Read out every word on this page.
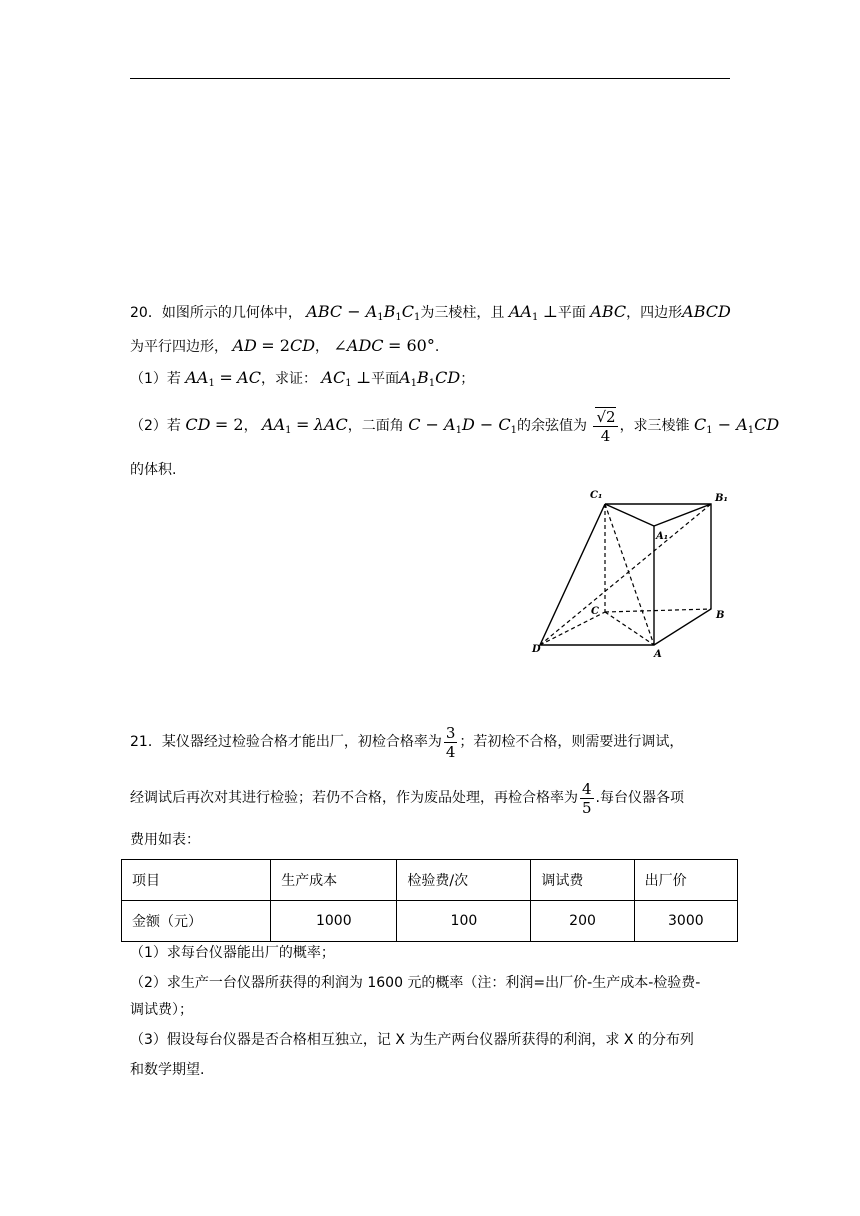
20．如图所示的几何体中， ABC − $A_1B_1C_1$为三棱柱，且 $AA_1$ ⊥平面 ABC，四边形ABCD
为平行四边形， AD = 2CD， ∠ADC = 60°.
（1）若 $AA_1$ = AC，求证： $AC_1$ ⊥平面$A_1B_1CD$；
（2）若 CD = 2， $AA_1 = \lambda AC$，二面角 $C - A_1D - C_1$的余弦值为 $\frac{√2}{4}$ ，求三棱锥 $C_1 - A_1CD$
的体积.
C₁	B₁
A₁
C	B
D	A
21．某仪器经过检验合格才能出厂，初检合格率为 $\frac{3}{4}$ ；若初检不合格，则需要进行调试，
经调试后再次对其进行检验；若仍不合格，作为废品处理，再检合格率为 $\frac{4}{5}$ .每台仪器各项
费用如表：
项目	生产成本	检验费/次	调试费	出厂价
金额（元）	1000	100	200	3000
（1）求每台仪器能出厂的概率；
（2）求生产一台仪器所获得的利润为 1600 元的概率（注：利润=出厂价-生产成本-检验费-
调试费）；
（3）假设每台仪器是否合格相互独立，记 X 为生产两台仪器所获得的利润，求 X 的分布列
和数学期望.
